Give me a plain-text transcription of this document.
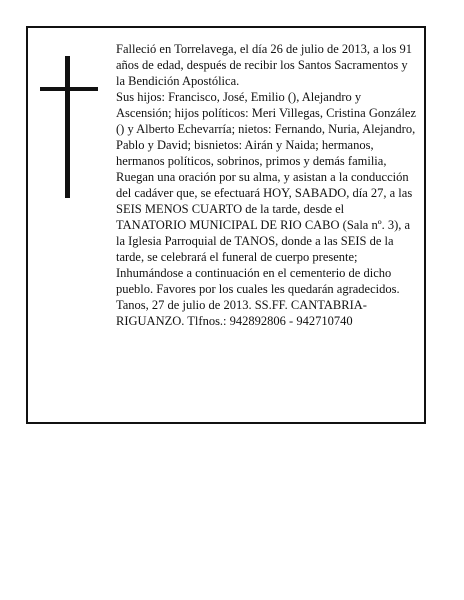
Falleció en Torrelavega, el día 26 de julio de 2013, a los 91 años de edad, después de recibir los Santos Sacramentos y la Bendición Apostólica.

Sus hijos: Francisco, José, Emilio (), Alejandro y Ascensión; hijos políticos: Meri Villegas, Cristina González () y Alberto Echevarría; nietos: Fernando, Nuria, Alejandro, Pablo y David; bisnietos: Airán y Naida; hermanos, hermanos políticos, sobrinos, primos y demás familia,

Ruegan una oración por su alma, y asistan a la conducción del cadáver que, se efectuará HOY, SABADO, día 27, a las SEIS MENOS CUARTO de la tarde, desde el TANATORIO MUNICIPAL DE RIO CABO (Sala nº. 3), a la Iglesia Parroquial de TANOS, donde a las SEIS de la tarde, se celebrará el funeral de cuerpo presente; Inhumándose a continuación en el cementerio de dicho pueblo. Favores por los cuales les quedarán agradecidos.

Tanos, 27 de julio de 2013. SS.FF. CANTABRIA-RIGUANZO. Tlfnos.: 942892806 - 942710740
